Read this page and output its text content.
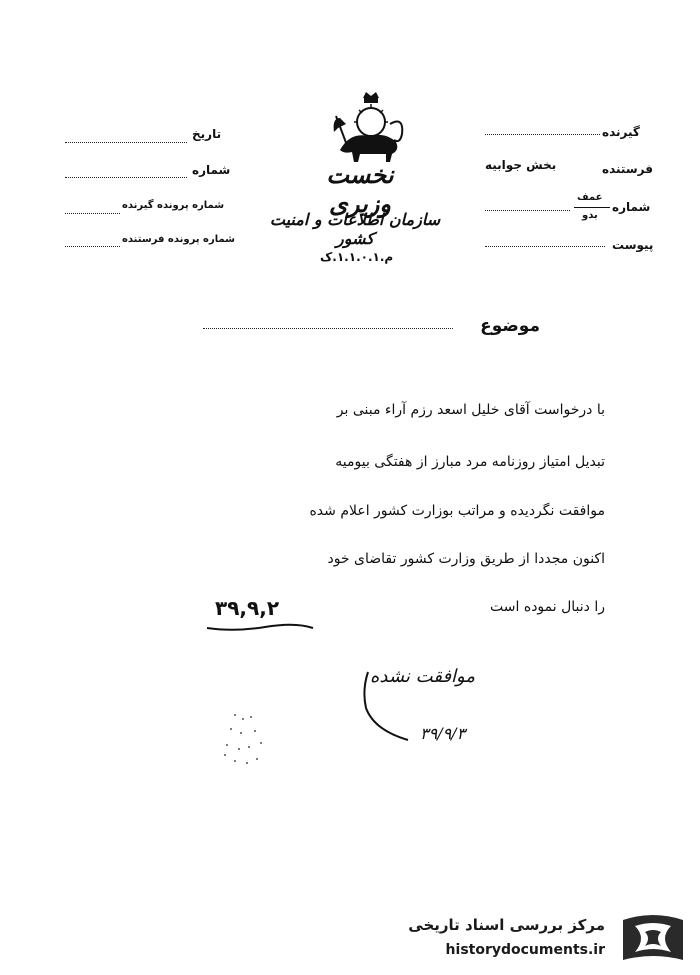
تاریخ
شماره
شماره پرونده گیرنده
شماره پرونده فرستنده
نخست وزیری
سازمان اطلاعات و امنیت کشور
م.۱.۱.۰.۱.ک
گیرنده
فرستنده
بخش جوابیه
شماره
عمف
بدو
پیوست
موضوع
با درخواست آقای خلیل اسعد رزم آراء مبنی بر
تبدیل امتیاز روزنامه مرد مبارز از هفتگی بیومیه
موافقت نگردیده و مراتب بوزارت کشور اعلام شده
اکنون مجددا از طریق وزارت کشور تقاضای خود
را دنبال نموده است
۳۹,۹,۲
موافقت نشده
۳۹/۹/۳
مرکز بررسی اسناد تاریخی
historydocuments.ir
